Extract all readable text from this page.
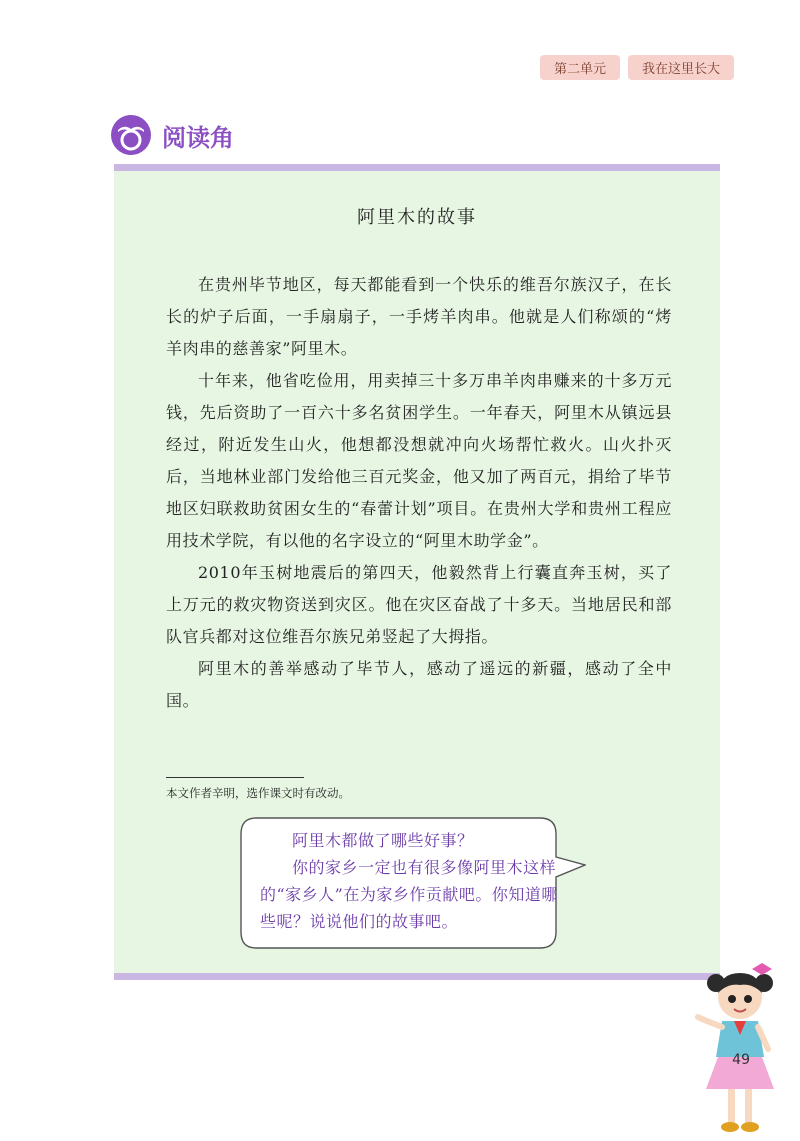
第二单元	我在这里长大
阅读角
阿里木的故事

在贵州毕节地区，每天都能看到一个快乐的维吾尔族汉子，在长长的炉子后面，一手扇扇子，一手烤羊肉串。他就是人们称颂的“烤羊肉串的慈善家”阿里木。

十年来，他省吃俭用，用卖掉三十多万串羊肉串赚来的十多万元钱，先后资助了一百六十多名贫困学生。一年春天，阿里木从镇远县经过，附近发生山火，他想都没想就冲向火场帮忙救火。山火扑灭后，当地林业部门发给他三百元奖金，他又加了两百元，捐给了毕节地区妇联救助贫困女生的“春蕾计划”项目。在贵州大学和贵州工程应用技术学院，有以他的名字设立的“阿里木助学金”。

2010年玉树地震后的第四天，他毅然背上行囊直奔玉树，买了上万元的救灾物资送到灾区。他在灾区奋战了十多天。当地居民和部队官兵都对这位维吾尔族兄弟竖起了大拇指。

阿里木的善举感动了毕节人，感动了遥远的新疆，感动了全中国。

本文作者辛明，选作课文时有改动。

阿里木都做了哪些好事？

你的家乡一定也有很多像阿里木这样的“家乡人”在为家乡作贡献吧。你知道哪些呢？说说他们的故事吧。

49
